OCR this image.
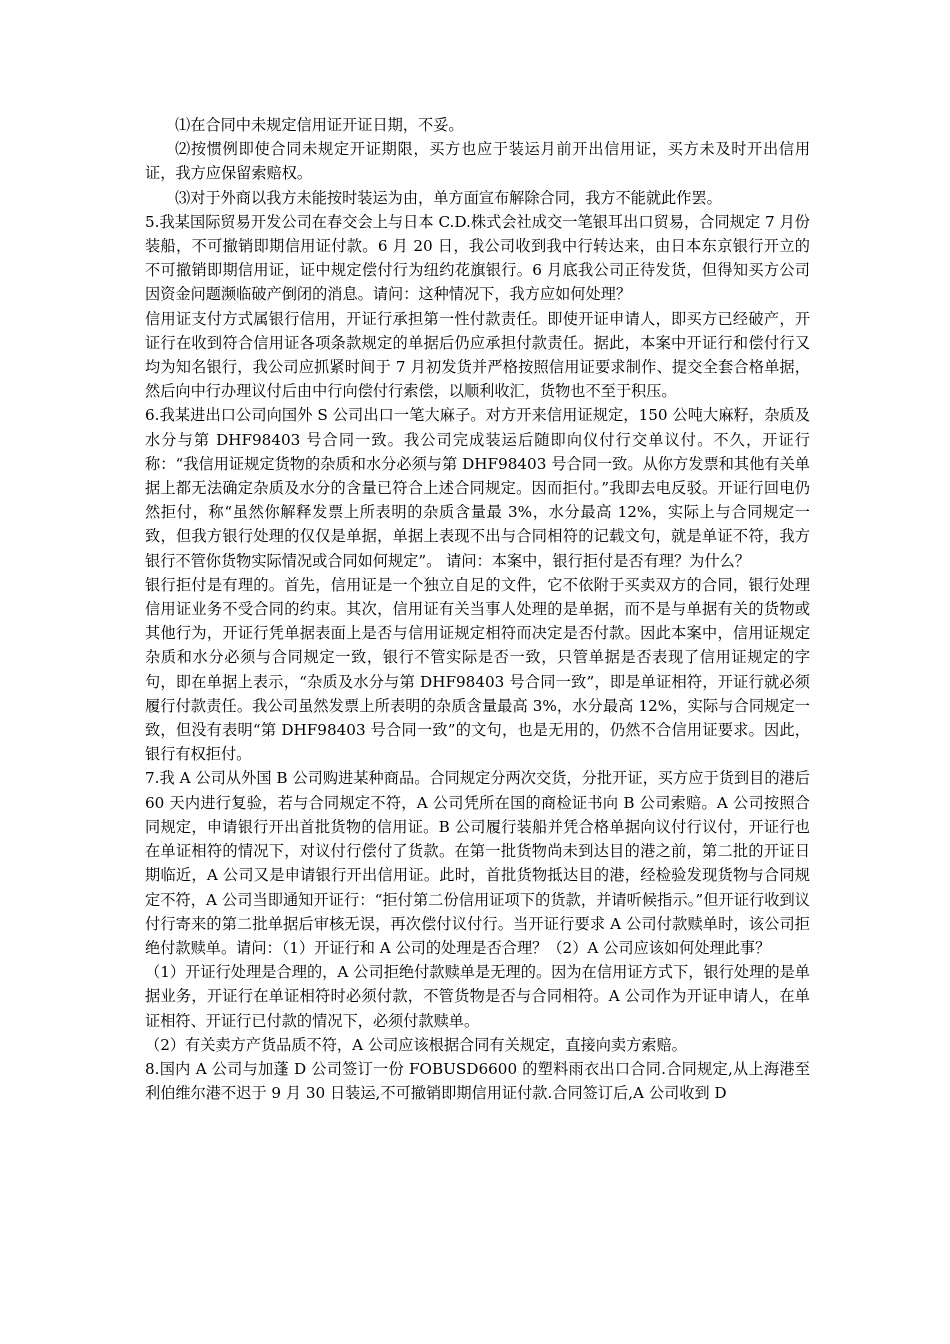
⑴在合同中未规定信用证开证日期，不妥。

⑵按惯例即使合同未规定开证期限，买方也应于装运月前开出信用证，买方未及时开出信用证，我方应保留索赔权。

⑶对于外商以我方未能按时装运为由，单方面宣布解除合同，我方不能就此作罢。

5.我某国际贸易开发公司在春交会上与日本 C.D.株式会社成交一笔银耳出口贸易，合同规定 7 月份装船，不可撤销即期信用证付款。6 月 20 日，我公司收到我中行转达来，由日本东京银行开立的不可撤销即期信用证，证中规定偿付行为纽约花旗银行。6 月底我公司正待发货，但得知买方公司因资金问题濒临破产倒闭的消息。请问：这种情况下，我方应如何处理？

信用证支付方式属银行信用，开证行承担第一性付款责任。即使开证申请人，即买方已经破产，开证行在收到符合信用证各项条款规定的单据后仍应承担付款责任。据此，本案中开证行和偿付行又均为知名银行，我公司应抓紧时间于 7 月初发货并严格按照信用证要求制作、提交全套合格单据，然后向中行办理议付后由中行向偿付行索偿，以顺利收汇，货物也不至于积压。

6.我某进出口公司向国外 S 公司出口一笔大麻子。对方开来信用证规定，150 公吨大麻籽，杂质及水分与第 DHF98403 号合同一致。我公司完成装运后随即向仪付行交单议付。不久，开证行称：“我信用证规定货物的杂质和水分必须与第 DHF98403 号合同一致。从你方发票和其他有关单据上都无法确定杂质及水分的含量已符合上述合同规定。因而拒付。”我即去电反驳。开证行回电仍然拒付，称“虽然你解释发票上所表明的杂质含量最 3%，水分最高 12%，实际上与合同规定一致，但我方银行处理的仅仅是单据，单据上表现不出与合同相符的记载文句，就是单证不符，我方银行不管你货物实际情况或合同如何规定”。 请问：本案中，银行拒付是否有理？为什么？

银行拒付是有理的。首先，信用证是一个独立自足的文件，它不依附于买卖双方的合同，银行处理信用证业务不受合同的约束。其次，信用证有关当事人处理的是单据，而不是与单据有关的货物或其他行为，开证行凭单据表面上是否与信用证规定相符而决定是否付款。因此本案中，信用证规定杂质和水分必须与合同规定一致，银行不管实际是否一致，只管单据是否表现了信用证规定的字句，即在单据上表示，“杂质及水分与第 DHF98403 号合同一致”，即是单证相符，开证行就必须履行付款责任。我公司虽然发票上所表明的杂质含量最高 3%，水分最高 12%，实际与合同规定一致，但没有表明“第 DHF98403 号合同一致”的文句，也是无用的，仍然不合信用证要求。因此，银行有权拒付。

7.我 A 公司从外国 B 公司购进某种商品。合同规定分两次交货，分批开证，买方应于货到目的港后 60 天内进行复验，若与合同规定不符，A 公司凭所在国的商检证书向 B 公司索赔。A 公司按照合同规定，申请银行开出首批货物的信用证。B 公司履行装船并凭合格单据向议付行议付，开证行也在单证相符的情况下，对议付行偿付了货款。在第一批货物尚未到达目的港之前，第二批的开证日期临近，A 公司又是申请银行开出信用证。此时，首批货物抵达目的港，经检验发现货物与合同规定不符，A 公司当即通知开证行：“拒付第二份信用证项下的货款，并请听候指示。”但开证行收到议付行寄来的第二批单据后审核无误，再次偿付议付行。当开证行要求 A 公司付款赎单时，该公司拒绝付款赎单。请问：（1）开证行和 A 公司的处理是否合理？（2）A 公司应该如何处理此事？

（1）开证行处理是合理的，A 公司拒绝付款赎单是无理的。因为在信用证方式下，银行处理的是单据业务，开证行在单证相符时必须付款，不管货物是否与合同相符。A 公司作为开证申请人，在单证相符、开证行已付款的情况下，必须付款赎单。

（2）有关卖方产货品质不符，A 公司应该根据合同有关规定，直接向卖方索赔。

8.国内 A 公司与加蓬 D 公司签订一份 FOBUSD6600 的塑料雨衣出口合同.合同规定,从上海港至利伯维尔港不迟于 9 月 30 日装运,不可撤销即期信用证付款.合同签订后,A 公司收到 D
